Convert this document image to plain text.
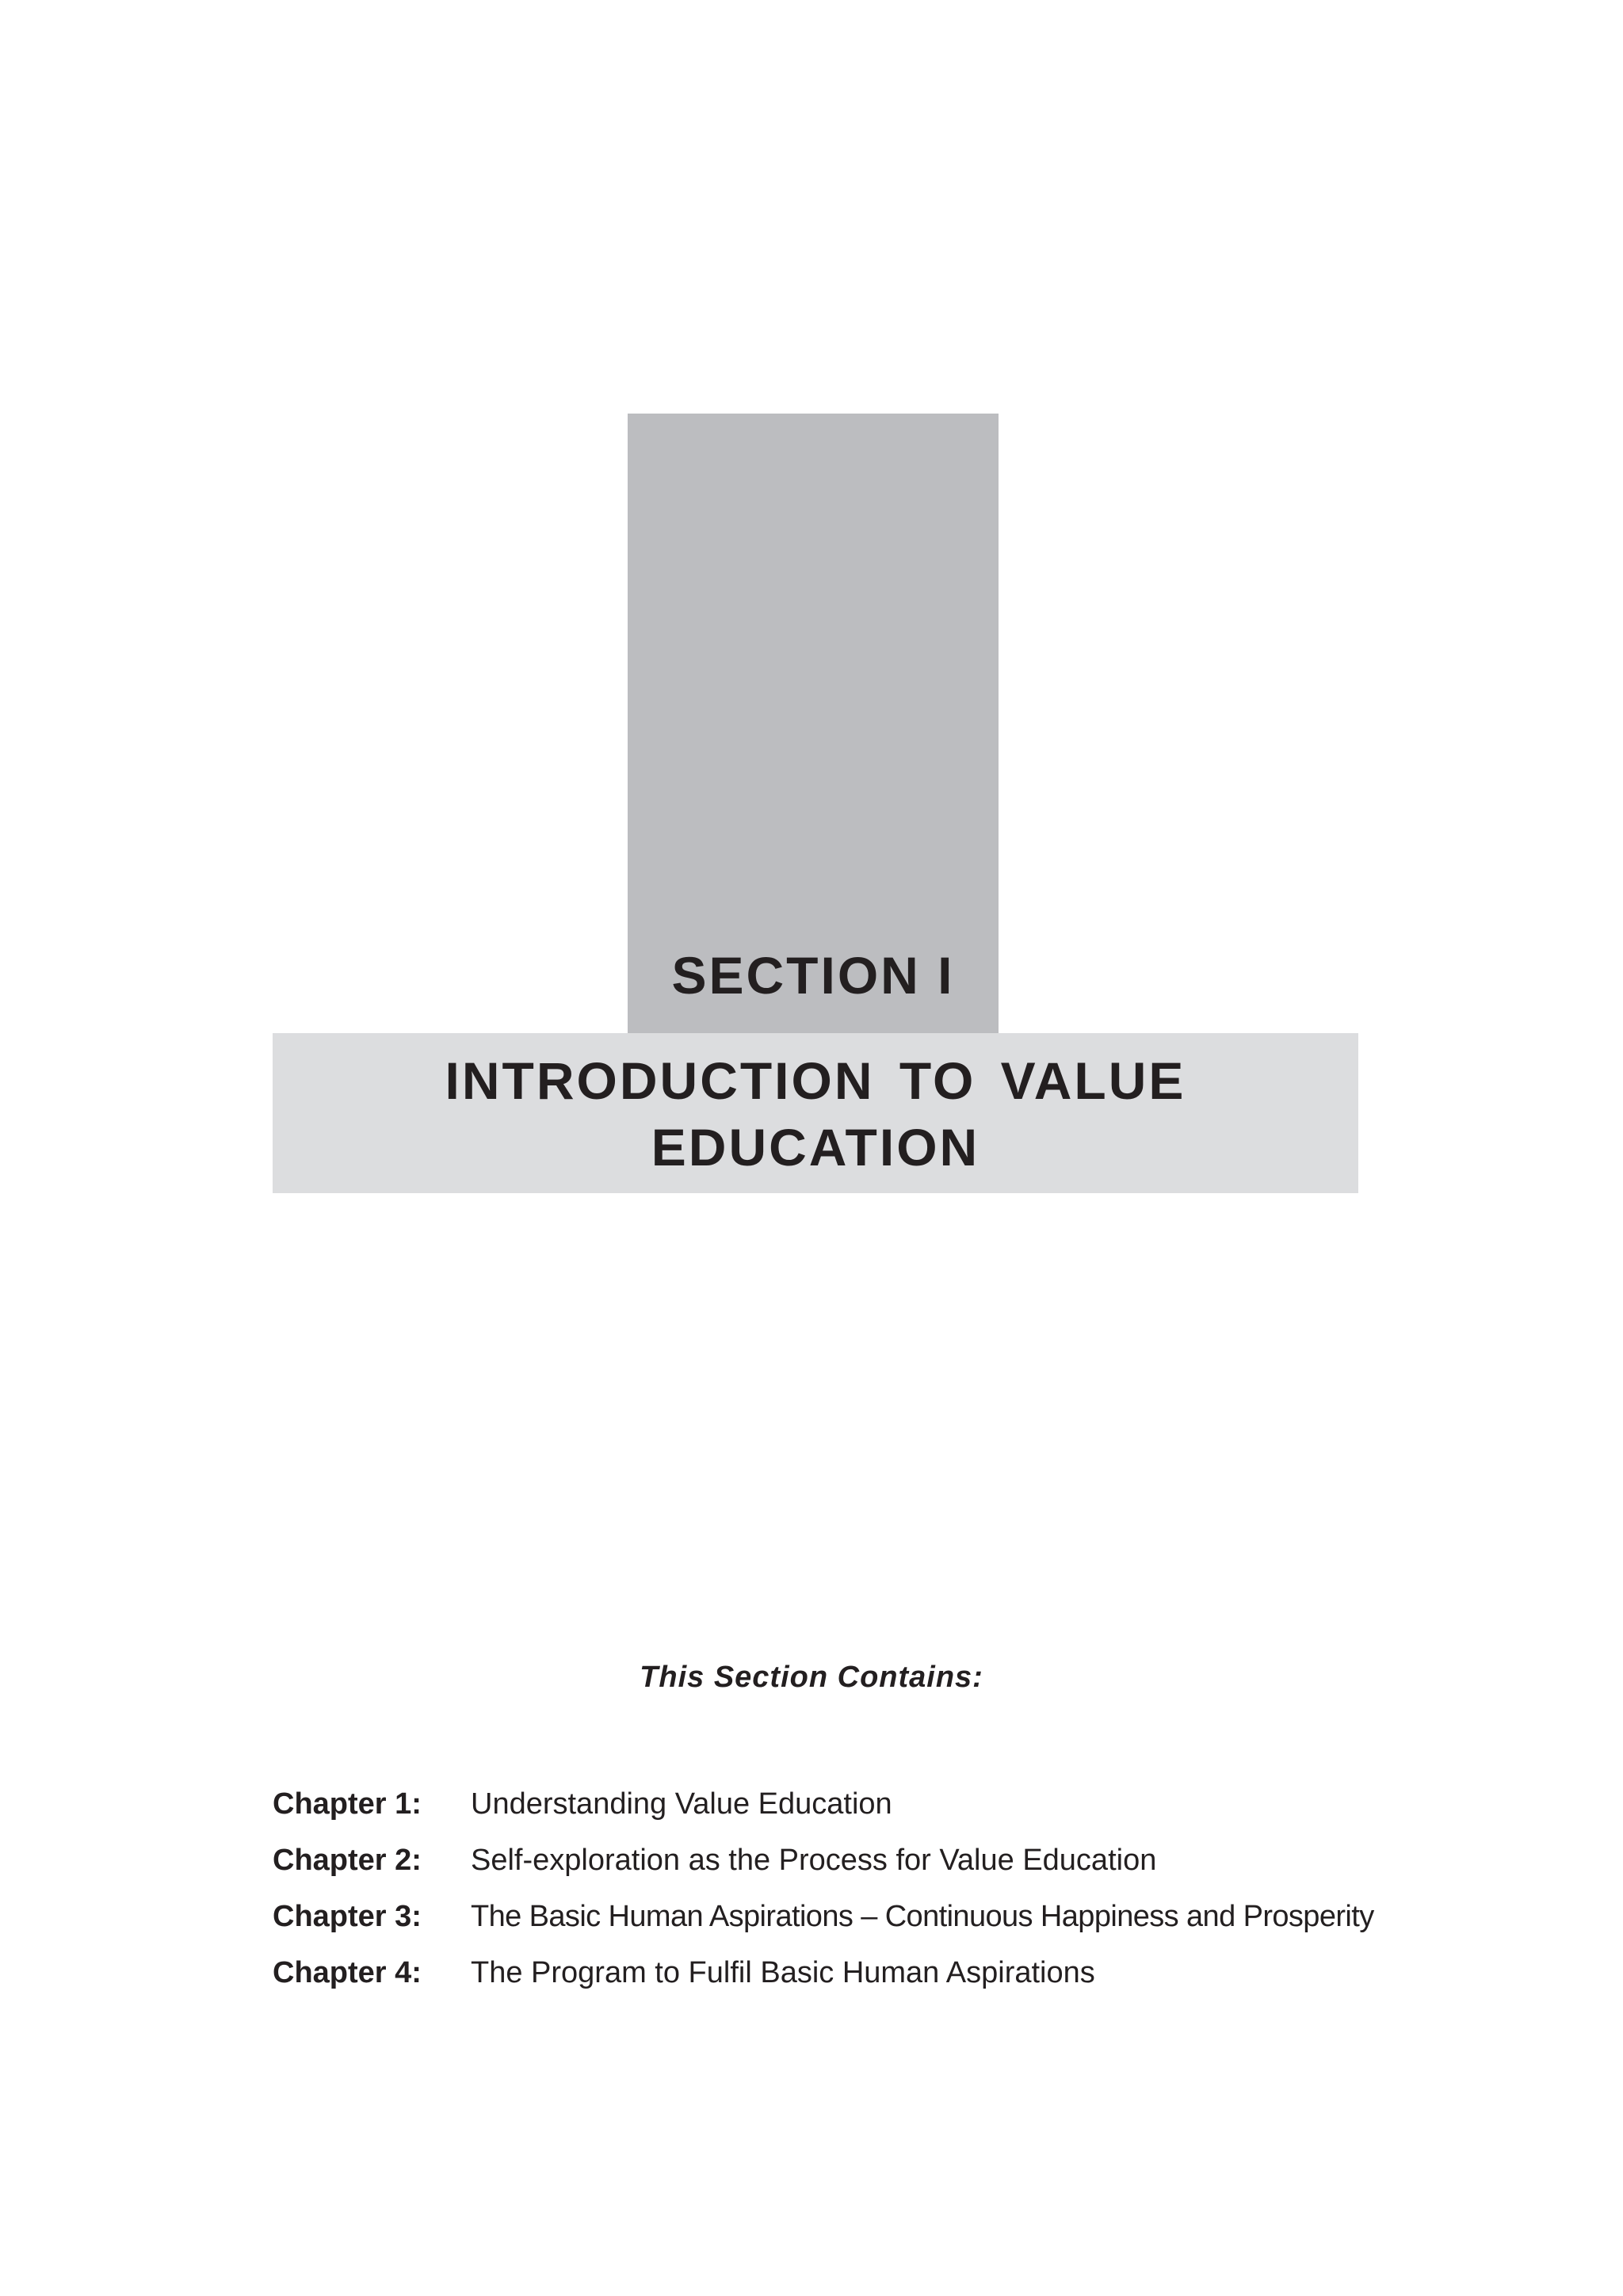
SECTION I
INTRODUCTION TO VALUE
EDUCATION
This Section Contains:
Chapter 1:	Understanding Value Education
Chapter 2:	Self-exploration as the Process for Value Education
Chapter 3:	The Basic Human Aspirations – Continuous Happiness and Prosperity
Chapter 4:	The Program to Fulfil Basic Human Aspirations
